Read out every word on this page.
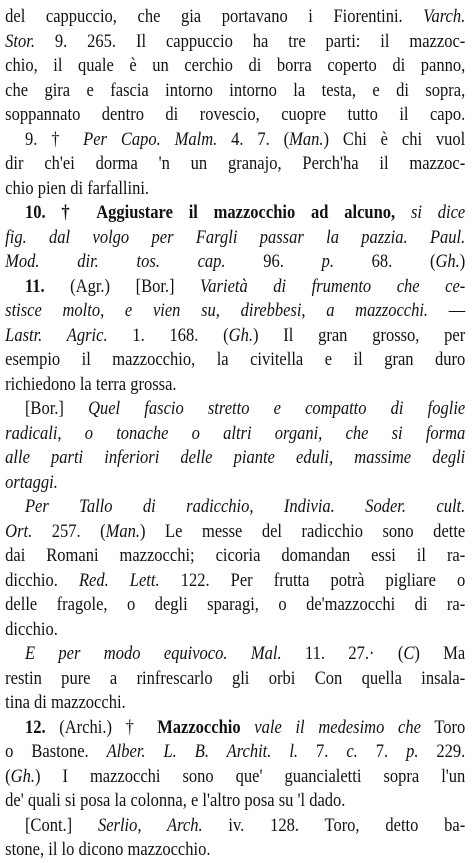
del cappuccio, che gia portavano i Fiorentini. Varch.
Stor. 9. 265. Il cappuccio ha tre parti: il mazzoc-
chio, il quale è un cerchio di borra coperto di panno,
che gira e fascia intorno intorno la testa, e di sopra,
soppannato dentro di rovescio, cuopre tutto il capo.
9. † Per Capo. Malm. 4. 7. (Man.) Chi è chi vuol
dir ch'ei dorma 'n un granajo, Perch'ha il mazzoc-
chio pien di farfallini.
10. † Aggiustare il mazzocchio ad alcuno, si dice
fig. dal volgo per Fargli passar la pazzia. Paul.
Mod. dir. tos. cap. 96. p. 68. (Gh.)
11. (Agr.) [Bor.] Varietà di frumento che ce-
stisce molto, e vien su, direbbesi, a mazzocchi. —
Lastr. Agric. 1. 168. (Gh.) Il gran grosso, per
esempio il mazzocchio, la civitella e il gran duro
richiedono la terra grossa.
[Bor.] Quel fascio stretto e compatto di foglie
radicali, o tonache o altri organi, che si forma
alle parti inferiori delle piante eduli, massime degli
ortaggi.
Per Tallo di radicchio, Indivia. Soder. cult.
Ort. 257. (Man.) Le messe del radicchio sono dette
dai Romani mazzocchi; cicoria domandan essi il ra-
dicchio. Red. Lett. 122. Per frutta potrà pigliare o
delle fragole, o degli sparagi, o de'mazzocchi di ra-
dicchio.
E per modo equivoco. Mal. 11. 27.· (C) Ma
restin pure a rinfrescarlo gli orbi Con quella insala-
tina di mazzocchi.
12. (Archi.) † Mazzocchio vale il medesimo che Toro
o Bastone. Alber. L. B. Archit. l. 7. c. 7. p. 229.
(Gh.) I mazzocchi sono que' guancialetti sopra l'un
de' quali si posa la colonna, e l'altro posa su 'l dado.
[Cont.] Serlio, Arch. iv. 128. Toro, detto ba-
stone, il lo dicono mazzocchio.
